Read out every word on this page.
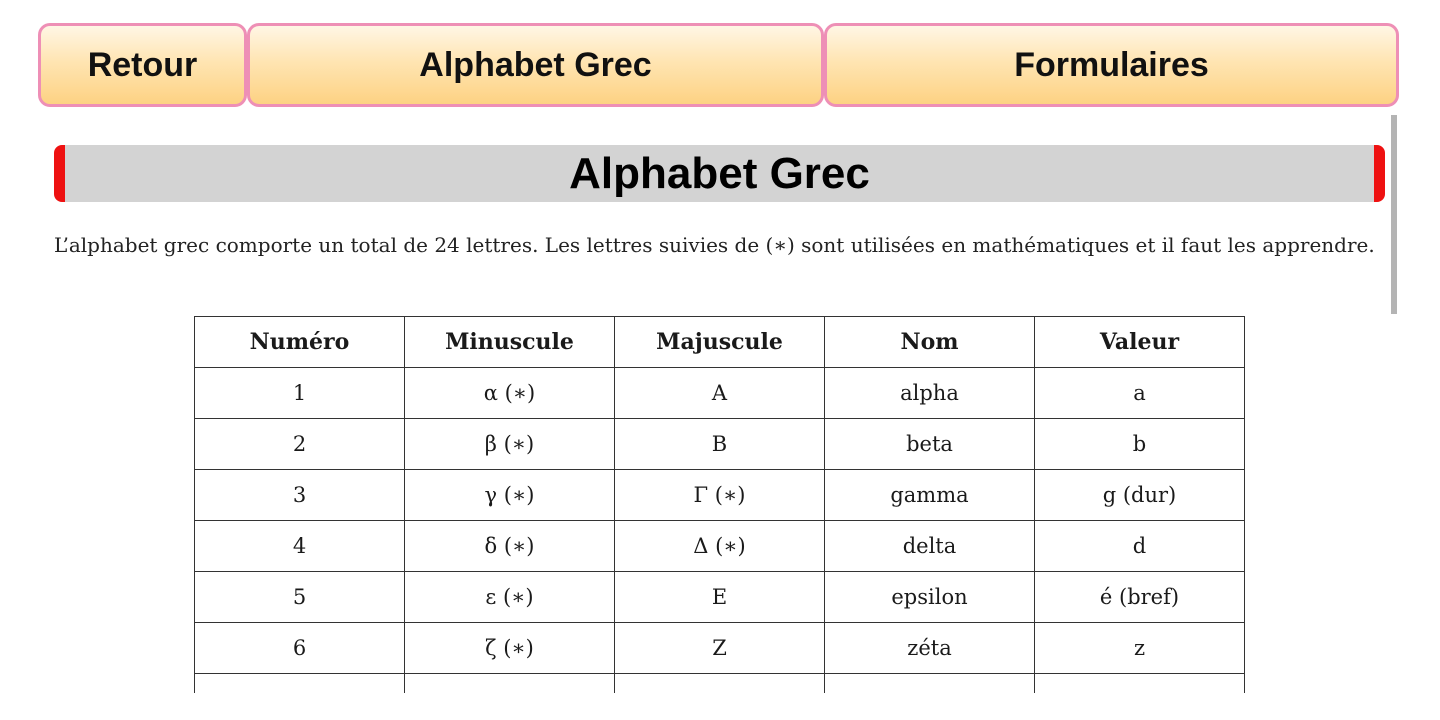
Retour	Alphabet Grec	Formulaires
Alphabet Grec

L’alphabet grec comporte un total de 24 lettres. Les lettres suivies de (∗) sont utilisées en mathématiques et il faut les apprendre.

Numéro	Minuscule	Majuscule	Nom	Valeur
1	α (∗)	A	alpha	a
2	β (∗)	B	beta	b
3	γ (∗)	Γ (∗)	gamma	g (dur)
4	δ (∗)	Δ (∗)	delta	d
5	ε (∗)	E	epsilon	é (bref)
6	ζ (∗)	Z	zéta	z
